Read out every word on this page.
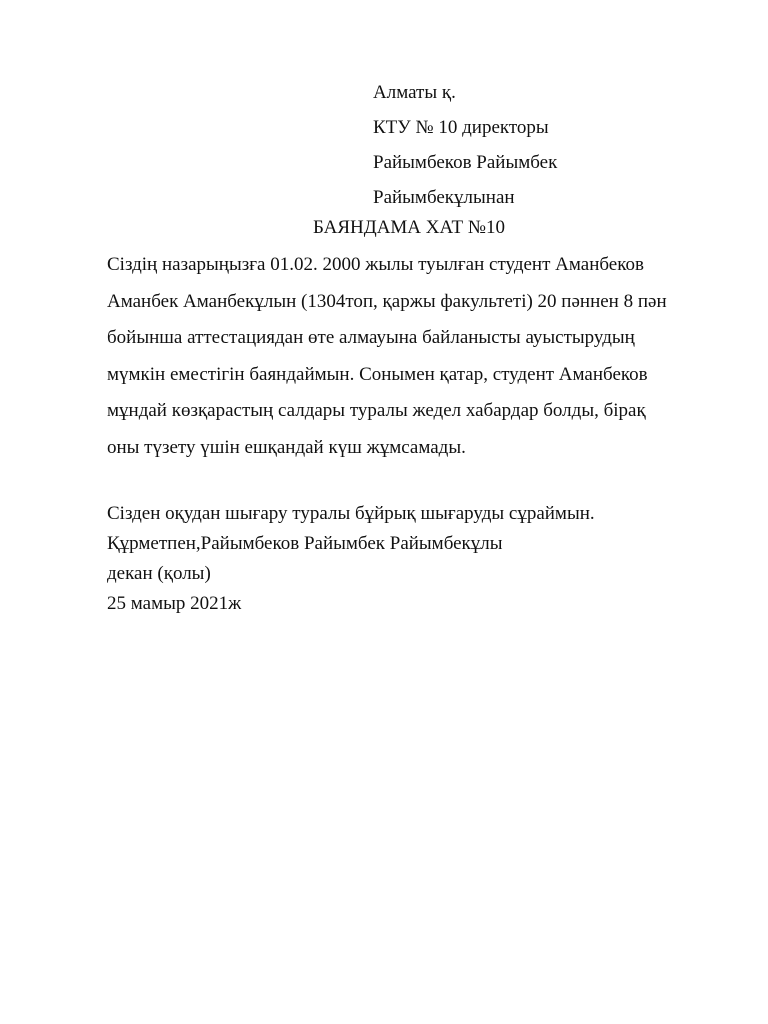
Алматы қ.
КТУ № 10 директоры
Райымбеков Райымбек
Райымбекұлынан
БАЯНДАМА ХАТ №10
Сіздің назарыңызға 01.02. 2000 жылы туылған студент Аманбеков
Аманбек Аманбекұлын (1304топ, қаржы факультеті) 20 пәннен 8 пән
бойынша аттестациядан өте алмауына байланысты ауыстырудың
мүмкін еместігін баяндаймын. Сонымен қатар, студент Аманбеков
мұндай көзқарастың салдары туралы жедел хабардар болды, бірақ
оны түзету үшін ешқандай күш жұмсамады.
Сізден оқудан шығару туралы бұйрық шығаруды сұраймын.
Құрметпен,Райымбеков Райымбек Райымбекұлы
декан (қолы)
25 мамыр 2021ж
